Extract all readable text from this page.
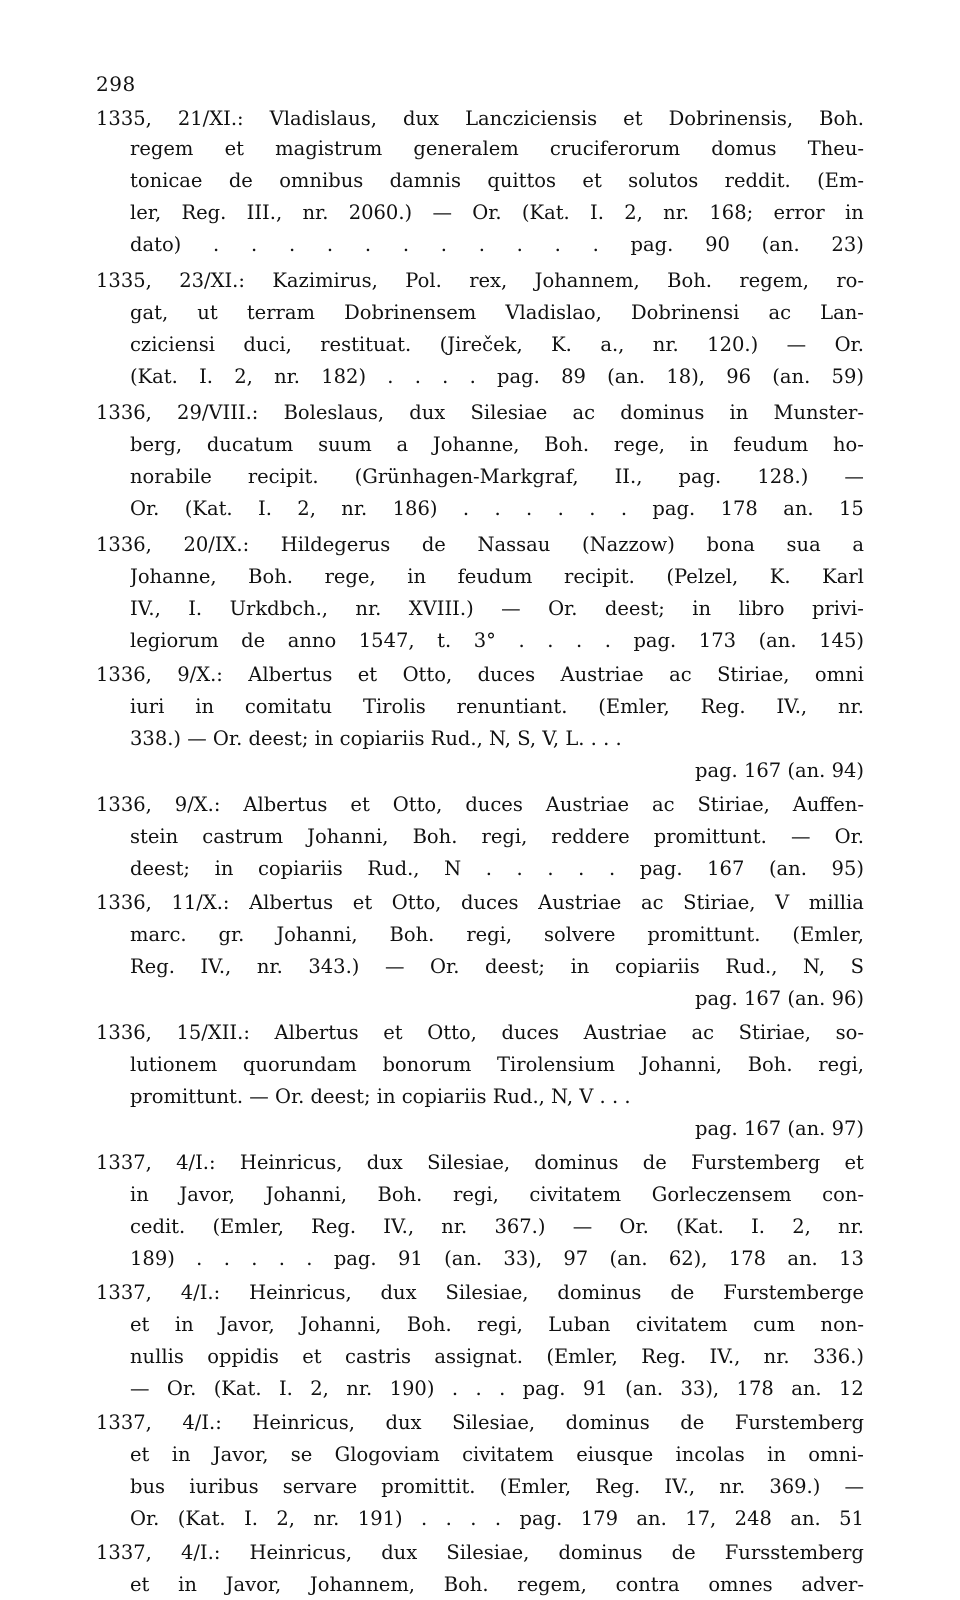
298
1335, 21/XI.: Vladislaus, dux Lancziciensis et Dobrinensis, Boh.
regem et magistrum generalem cruciferorum domus Theu-
tonicae de omnibus damnis quittos et solutos reddit. (Em-
ler, Reg. III., nr. 2060.) — Or. (Kat. I. 2, nr. 168; error in
dato) . . . . . . . . . . . pag. 90 (an. 23)
1335, 23/XI.: Kazimirus, Pol. rex, Johannem, Boh. regem, ro-
gat, ut terram Dobrinensem Vladislao, Dobrinensi ac Lan-
cziciensi duci, restituat. (Jireček, K. a., nr. 120.) — Or.
(Kat. I. 2, nr. 182) . . . . pag. 89 (an. 18), 96 (an. 59)
1336, 29/VIII.: Boleslaus, dux Silesiae ac dominus in Munster-
berg, ducatum suum a Johanne, Boh. rege, in feudum ho-
norabile recipit. (Grünhagen-Markgraf, II., pag. 128.) —
Or. (Kat. I. 2, nr. 186) . . . . . . pag. 178 an. 15
1336, 20/IX.: Hildegerus de Nassau (Nazzow) bona sua a
Johanne, Boh. rege, in feudum recipit. (Pelzel, K. Karl
IV., I. Urkdbch., nr. XVIII.) — Or. deest; in libro privi-
legiorum de anno 1547, t. 3° . . . . pag. 173 (an. 145)
1336, 9/X.: Albertus et Otto, duces Austriae ac Stiriae, omni
iuri in comitatu Tirolis renuntiant. (Emler, Reg. IV., nr.
338.) — Or. deest; in copiariis Rud., N, S, V, L. . . .
pag. 167 (an. 94)
1336, 9/X.: Albertus et Otto, duces Austriae ac Stiriae, Auffen-
stein castrum Johanni, Boh. regi, reddere promittunt. — Or.
deest; in copiariis Rud., N . . . . . pag. 167 (an. 95)
1336, 11/X.: Albertus et Otto, duces Austriae ac Stiriae, V millia
marc. gr. Johanni, Boh. regi, solvere promittunt. (Emler,
Reg. IV., nr. 343.) — Or. deest; in copiariis Rud., N, S
pag. 167 (an. 96)
1336, 15/XII.: Albertus et Otto, duces Austriae ac Stiriae, so-
lutionem quorundam bonorum Tirolensium Johanni, Boh. regi,
promittunt. — Or. deest; in copiariis Rud., N, V . . .
pag. 167 (an. 97)
1337, 4/I.: Heinricus, dux Silesiae, dominus de Furstemberg et
in Javor, Johanni, Boh. regi, civitatem Gorleczensem con-
cedit. (Emler, Reg. IV., nr. 367.) — Or. (Kat. I. 2, nr.
189) . . . . . pag. 91 (an. 33), 97 (an. 62), 178 an. 13
1337, 4/I.: Heinricus, dux Silesiae, dominus de Furstemberge
et in Javor, Johanni, Boh. regi, Luban civitatem cum non-
nullis oppidis et castris assignat. (Emler, Reg. IV., nr. 336.)
— Or. (Kat. I. 2, nr. 190) . . . pag. 91 (an. 33), 178 an. 12
1337, 4/I.: Heinricus, dux Silesiae, dominus de Furstemberg
et in Javor, se Glogoviam civitatem eiusque incolas in omni-
bus iuribus servare promittit. (Emler, Reg. IV., nr. 369.) —
Or. (Kat. I. 2, nr. 191) . . . . pag. 179 an. 17, 248 an. 51
1337, 4/I.: Heinricus, dux Silesiae, dominus de Fursstemberg
et in Javor, Johannem, Boh. regem, contra omnes adver-
